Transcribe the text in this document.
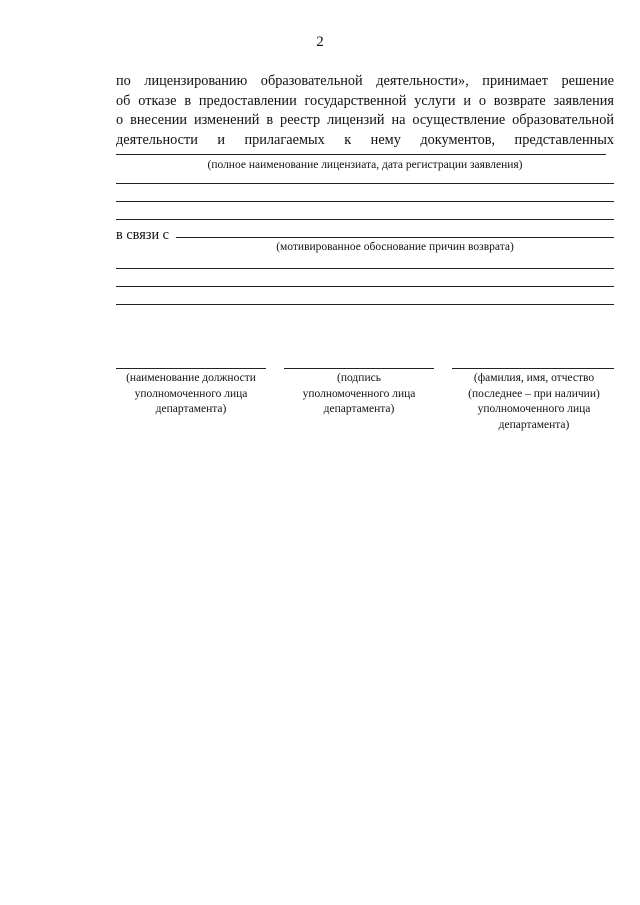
2
по лицензированию образовательной деятельности», принимает решение
об отказе в предоставлении государственной услуги и о возврате заявления
о внесении изменений в реестр лицензий на осуществление образовательной
деятельности и прилагаемых к нему документов, представленных
(полное наименование лицензиата, дата регистрации заявления)
в связи с
(мотивированное обоснование причин возврата)
(наименование должности
уполномоченного лица
департамента)
(подпись
уполномоченного лица
департамента)
(фамилия, имя, отчество
(последнее – при наличии)
уполномоченного лица
департамента)
